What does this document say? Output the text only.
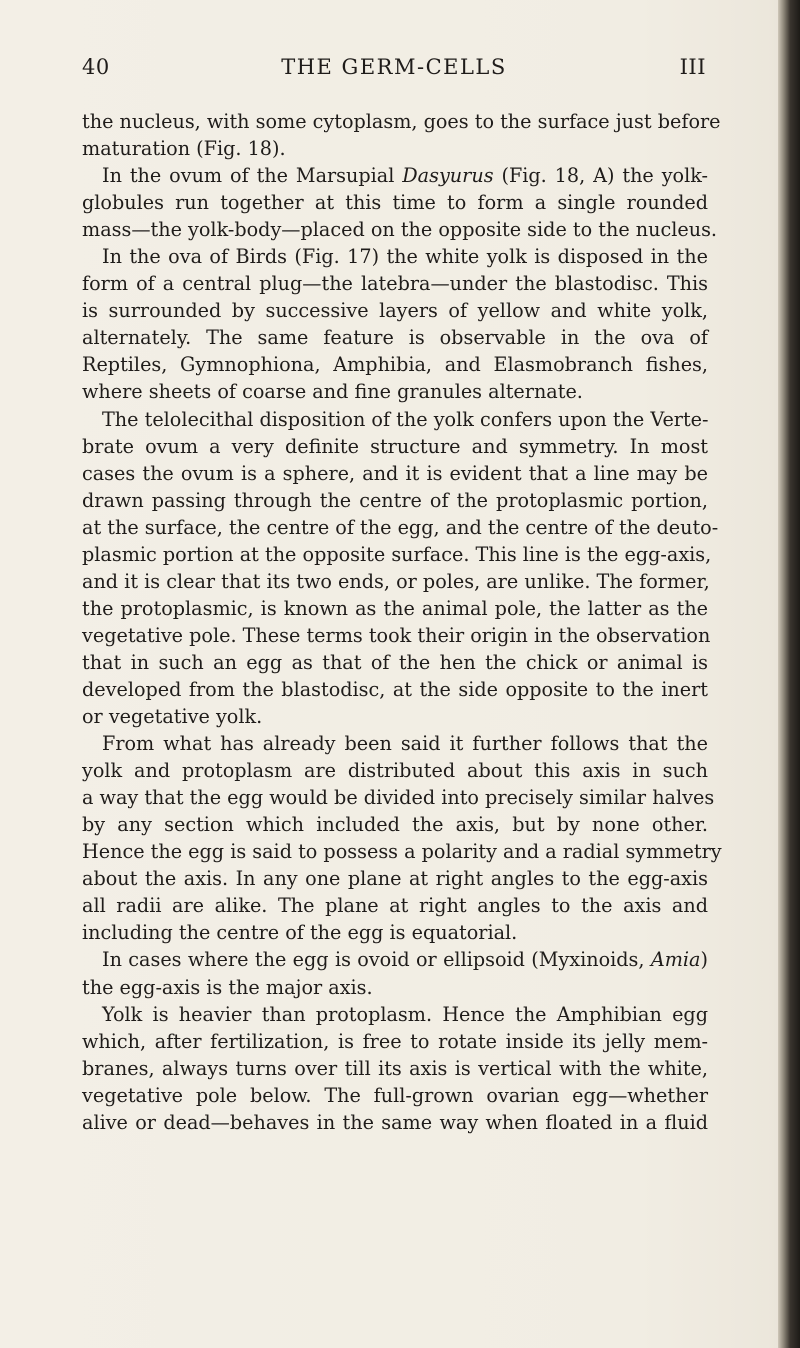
40	THE GERM-CELLS	III
the nucleus, with some cytoplasm, goes to the surface just before
maturation (Fig. 18).
In the ovum of the Marsupial Dasyurus (Fig. 18, A) the yolk-
globules run together at this time to form a single rounded
mass—the yolk-body—placed on the opposite side to the nucleus.
In the ova of Birds (Fig. 17) the white yolk is disposed in the
form of a central plug—the latebra—under the blastodisc. This
is surrounded by successive layers of yellow and white yolk,
alternately. The same feature is observable in the ova of
Reptiles, Gymnophiona, Amphibia, and Elasmobranch fishes,
where sheets of coarse and fine granules alternate.
The telolecithal disposition of the yolk confers upon the Verte-
brate ovum a very definite structure and symmetry. In most
cases the ovum is a sphere, and it is evident that a line may be
drawn passing through the centre of the protoplasmic portion,
at the surface, the centre of the egg, and the centre of the deuto-
plasmic portion at the opposite surface. This line is the egg-axis,
and it is clear that its two ends, or poles, are unlike. The former,
the protoplasmic, is known as the animal pole, the latter as the
vegetative pole. These terms took their origin in the observation
that in such an egg as that of the hen the chick or animal is
developed from the blastodisc, at the side opposite to the inert
or vegetative yolk.
From what has already been said it further follows that the
yolk and protoplasm are distributed about this axis in such
a way that the egg would be divided into precisely similar halves
by any section which included the axis, but by none other.
Hence the egg is said to possess a polarity and a radial symmetry
about the axis. In any one plane at right angles to the egg-axis
all radii are alike. The plane at right angles to the axis and
including the centre of the egg is equatorial.
In cases where the egg is ovoid or ellipsoid (Myxinoids, Amia)
the egg-axis is the major axis.
Yolk is heavier than protoplasm. Hence the Amphibian egg
which, after fertilization, is free to rotate inside its jelly mem-
branes, always turns over till its axis is vertical with the white,
vegetative pole below. The full-grown ovarian egg—whether
alive or dead—behaves in the same way when floated in a fluid
